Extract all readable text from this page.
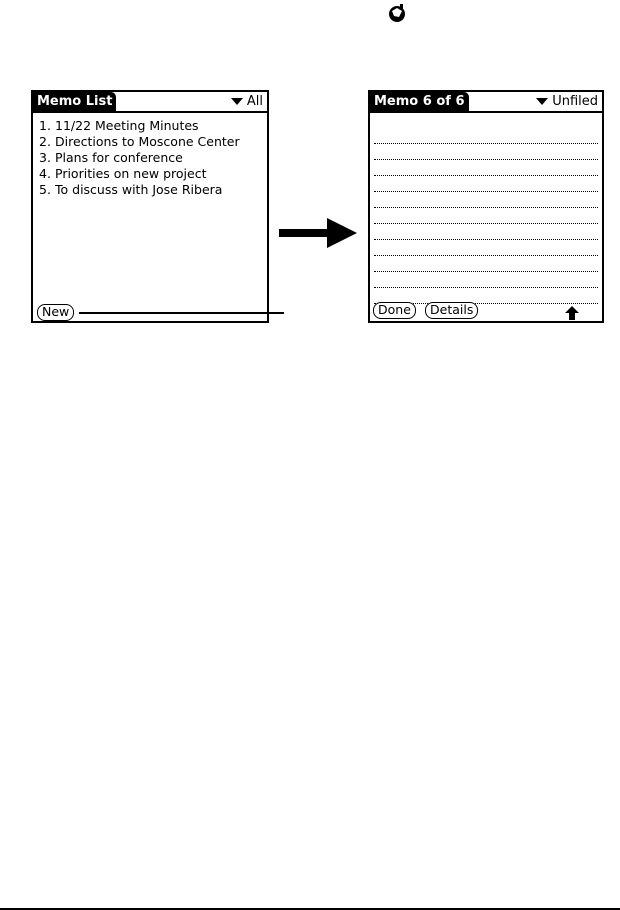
Memo List	All
1. 11/22 Meeting Minutes
2. Directions to Moscone Center
3. Plans for conference
4. Priorities on new project
5. To discuss with Jose Ribera
New
Memo 6 of 6	Unfiled
Done	Details
